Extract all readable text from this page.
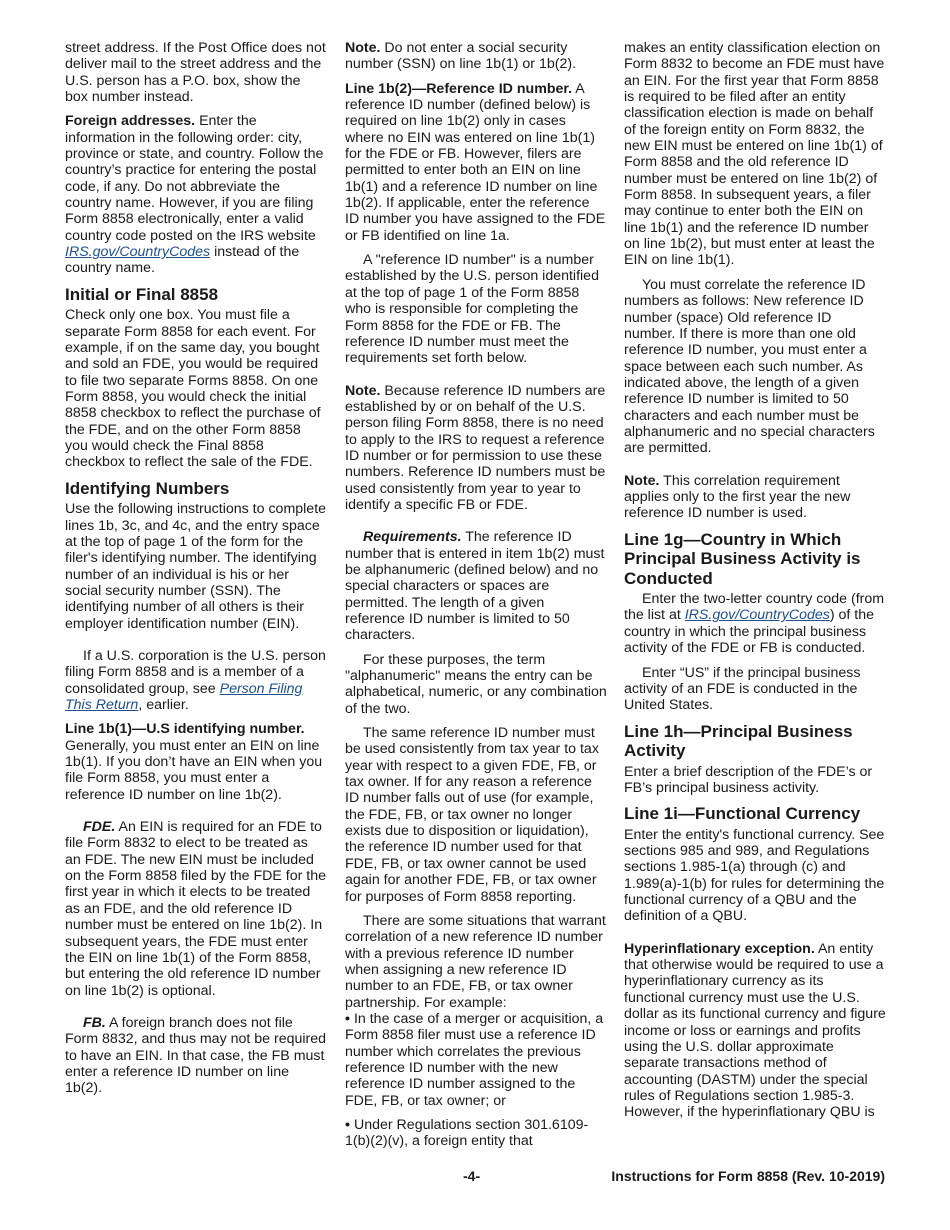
street address. If the Post Office does not deliver mail to the street address and the U.S. person has a P.O. box, show the box number instead.

Foreign addresses. Enter the information in the following order: city, province or state, and country. Follow the country’s practice for entering the postal code, if any. Do not abbreviate the country name. However, if you are filing Form 8858 electronically, enter a valid country code posted on the IRS website IRS.gov/CountryCodes instead of the country name.

Initial or Final 8858

Check only one box. You must file a separate Form 8858 for each event. For example, if on the same day, you bought and sold an FDE, you would be required to file two separate Forms 8858. On one Form 8858, you would check the initial 8858 checkbox to reflect the purchase of the FDE, and on the other Form 8858 you would check the Final 8858 checkbox to reflect the sale of the FDE.

Identifying Numbers

Use the following instructions to complete lines 1b, 3c, and 4c, and the entry space at the top of page 1 of the form for the filer's identifying number. The identifying number of an individual is his or her social security number (SSN). The identifying number of all others is their employer identification number (EIN).

If a U.S. corporation is the U.S. person filing Form 8858 and is a member of a consolidated group, see Person Filing This Return, earlier.

Line 1b(1)—U.S identifying number. Generally, you must enter an EIN on line 1b(1). If you don’t have an EIN when you file Form 8858, you must enter a reference ID number on line 1b(2).

FDE. An EIN is required for an FDE to file Form 8832 to elect to be treated as an FDE. The new EIN must be included on the Form 8858 filed by the FDE for the first year in which it elects to be treated as an FDE, and the old reference ID number must be entered on line 1b(2). In subsequent years, the FDE must enter the EIN on line 1b(1) of the Form 8858, but entering the old reference ID number on line 1b(2) is optional.

FB. A foreign branch does not file Form 8832, and thus may not be required to have an EIN. In that case, the FB must enter a reference ID number on line 1b(2).

Note. Do not enter a social security number (SSN) on line 1b(1) or 1b(2).

Line 1b(2)—Reference ID number. A reference ID number (defined below) is required on line 1b(2) only in cases where no EIN was entered on line 1b(1) for the FDE or FB. However, filers are permitted to enter both an EIN on line 1b(1) and a reference ID number on line 1b(2). If applicable, enter the reference ID number you have assigned to the FDE or FB identified on line 1a.

A "reference ID number" is a number established by the U.S. person identified at the top of page 1 of the Form 8858 who is responsible for completing the Form 8858 for the FDE or FB. The reference ID number must meet the requirements set forth below.

Note. Because reference ID numbers are established by or on behalf of the U.S. person filing Form 8858, there is no need to apply to the IRS to request a reference ID number or for permission to use these numbers. Reference ID numbers must be used consistently from year to year to identify a specific FB or FDE.

Requirements. The reference ID number that is entered in item 1b(2) must be alphanumeric (defined below) and no special characters or spaces are permitted. The length of a given reference ID number is limited to 50 characters.

For these purposes, the term "alphanumeric" means the entry can be alphabetical, numeric, or any combination of the two.

The same reference ID number must be used consistently from tax year to tax year with respect to a given FDE, FB, or tax owner. If for any reason a reference ID number falls out of use (for example, the FDE, FB, or tax owner no longer exists due to disposition or liquidation), the reference ID number used for that FDE, FB, or tax owner cannot be used again for another FDE, FB, or tax owner for purposes of Form 8858 reporting.

There are some situations that warrant correlation of a new reference ID number with a previous reference ID number when assigning a new reference ID number to an FDE, FB, or tax owner partnership. For example:

• In the case of a merger or acquisition, a Form 8858 filer must use a reference ID number which correlates the previous reference ID number with the new reference ID number assigned to the FDE, FB, or tax owner; or

• Under Regulations section 301.6109-1(b)(2)(v), a foreign entity that

makes an entity classification election on Form 8832 to become an FDE must have an EIN. For the first year that Form 8858 is required to be filed after an entity classification election is made on behalf of the foreign entity on Form 8832, the new EIN must be entered on line 1b(1) of Form 8858 and the old reference ID number must be entered on line 1b(2) of Form 8858. In subsequent years, a filer may continue to enter both the EIN on line 1b(1) and the reference ID number on line 1b(2), but must enter at least the EIN on line 1b(1).

You must correlate the reference ID numbers as follows: New reference ID number (space) Old reference ID number. If there is more than one old reference ID number, you must enter a space between each such number. As indicated above, the length of a given reference ID number is limited to 50 characters and each number must be alphanumeric and no special characters are permitted.

Note. This correlation requirement applies only to the first year the new reference ID number is used.

Line 1g—Country in Which Principal Business Activity is Conducted

Enter the two-letter country code (from the list at IRS.gov/CountryCodes) of the country in which the principal business activity of the FDE or FB is conducted.

Enter “US” if the principal business activity of an FDE is conducted in the United States.

Line 1h—Principal Business Activity

Enter a brief description of the FDE’s or FB’s principal business activity.

Line 1i—Functional Currency

Enter the entity's functional currency. See sections 985 and 989, and Regulations sections 1.985-1(a) through (c) and 1.989(a)-1(b) for rules for determining the functional currency of a QBU and the definition of a QBU.

Hyperinflationary exception. An entity that otherwise would be required to use a hyperinflationary currency as its functional currency must use the U.S. dollar as its functional currency and figure income or loss or earnings and profits using the U.S. dollar approximate separate transactions method of accounting (DASTM) under the special rules of Regulations section 1.985-3. However, if the hyperinflationary QBU is

-4-	Instructions for Form 8858 (Rev. 10-2019)
